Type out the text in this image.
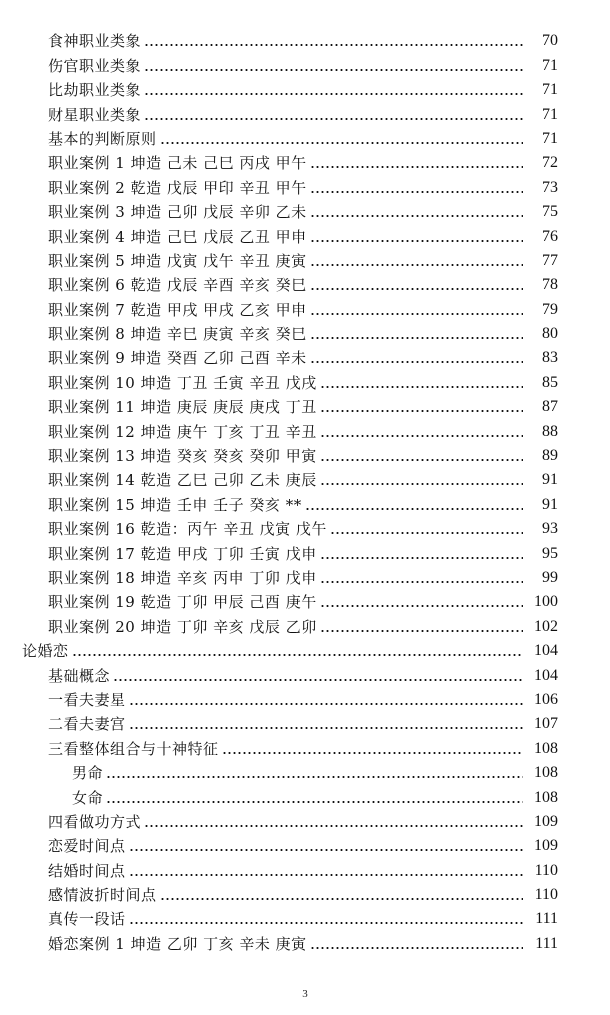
食神职业类象	70
伤官职业类象	71
比劫职业类象	71
财星职业类象	71
基本的判断原则	71
职业案例 1 坤造 己未 己巳 丙戌 甲午	72
职业案例 2 乾造 戊辰 甲印 辛丑 甲午	73
职业案例 3 坤造 己卯 戊辰 辛卯 乙未	75
职业案例 4 坤造 己巳 戊辰 乙丑 甲申	76
职业案例 5 坤造 戊寅 戊午 辛丑 庚寅	77
职业案例 6 乾造 戊辰 辛酉 辛亥 癸巳	78
职业案例 7 乾造 甲戌 甲戌 乙亥 甲申	79
职业案例 8 坤造 辛巳 庚寅 辛亥 癸巳	80
职业案例 9 坤造 癸酉 乙卯 己酉 辛未	83
职业案例 10 坤造 丁丑 壬寅 辛丑 戊戌	85
职业案例 11 坤造 庚辰 庚辰 庚戌 丁丑	87
职业案例 12 坤造 庚午 丁亥 丁丑 辛丑	88
职业案例 13 坤造 癸亥 癸亥 癸卯 甲寅	89
职业案例 14 乾造 乙巳 己卯 乙未 庚辰	91
职业案例 15 坤造 壬申 壬子 癸亥 **	91
职业案例 16 乾造：丙午 辛丑 戊寅 戊午	93
职业案例 17 乾造 甲戌 丁卯 壬寅 戊申	95
职业案例 18 坤造 辛亥 丙申 丁卯 戊申	99
职业案例 19 乾造 丁卯 甲辰 己酉 庚午	100
职业案例 20 坤造 丁卯 辛亥 戊辰 乙卯	102
论婚恋	104
基础概念	104
一看夫妻星	106
二看夫妻宫	107
三看整体组合与十神特征	108
男命	108
女命	108
四看做功方式	109
恋爱时间点	109
结婚时间点	110
感情波折时间点	110
真传一段话	111
婚恋案例 1 坤造 乙卯 丁亥 辛未 庚寅	111
3
